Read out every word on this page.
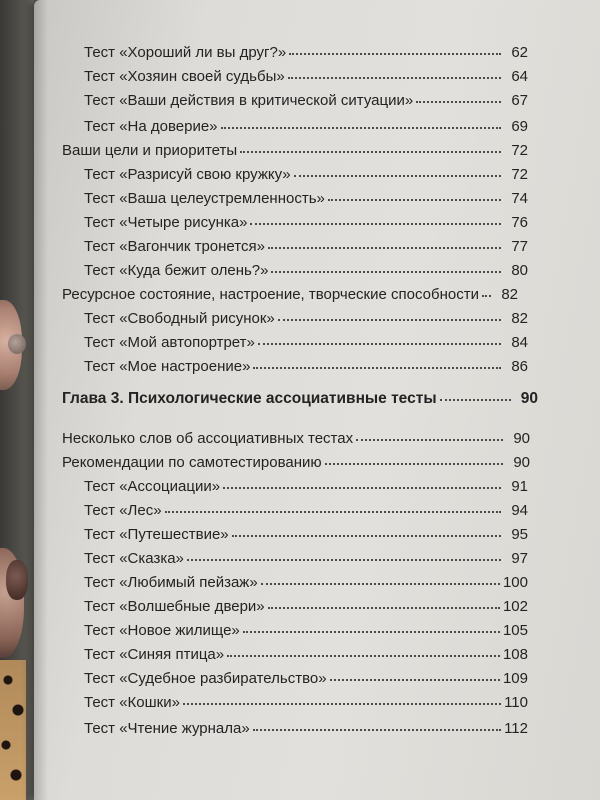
Тест «Хороший ли вы друг?»	62
Тест «Хозяин своей судьбы»	64
Тест «Ваши действия в критической ситуации»	67
Тест «На доверие»	69
Ваши цели и приоритеты	72
Тест «Разрисуй свою кружку»	72
Тест «Ваша целеустремленность»	74
Тест «Четыре рисунка»	76
Тест «Вагончик тронется»	77
Тест «Куда бежит олень?»	80
Ресурсное состояние, настроение, творческие способности	82
Тест «Свободный рисунок»	82
Тест «Мой автопортрет»	84
Тест «Мое настроение»	86
Глава 3. Психологические ассоциативные тесты	90
Несколько слов об ассоциативных тестах	90
Рекомендации по самотестированию	90
Тест «Ассоциации»	91
Тест «Лес»	94
Тест «Путешествие»	95
Тест «Сказка»	97
Тест «Любимый пейзаж»	100
Тест «Волшебные двери»	102
Тест «Новое жилище»	105
Тест «Синяя птица»	108
Тест «Судебное разбирательство»	109
Тест «Кошки»	110
Тест «Чтение журнала»	112
